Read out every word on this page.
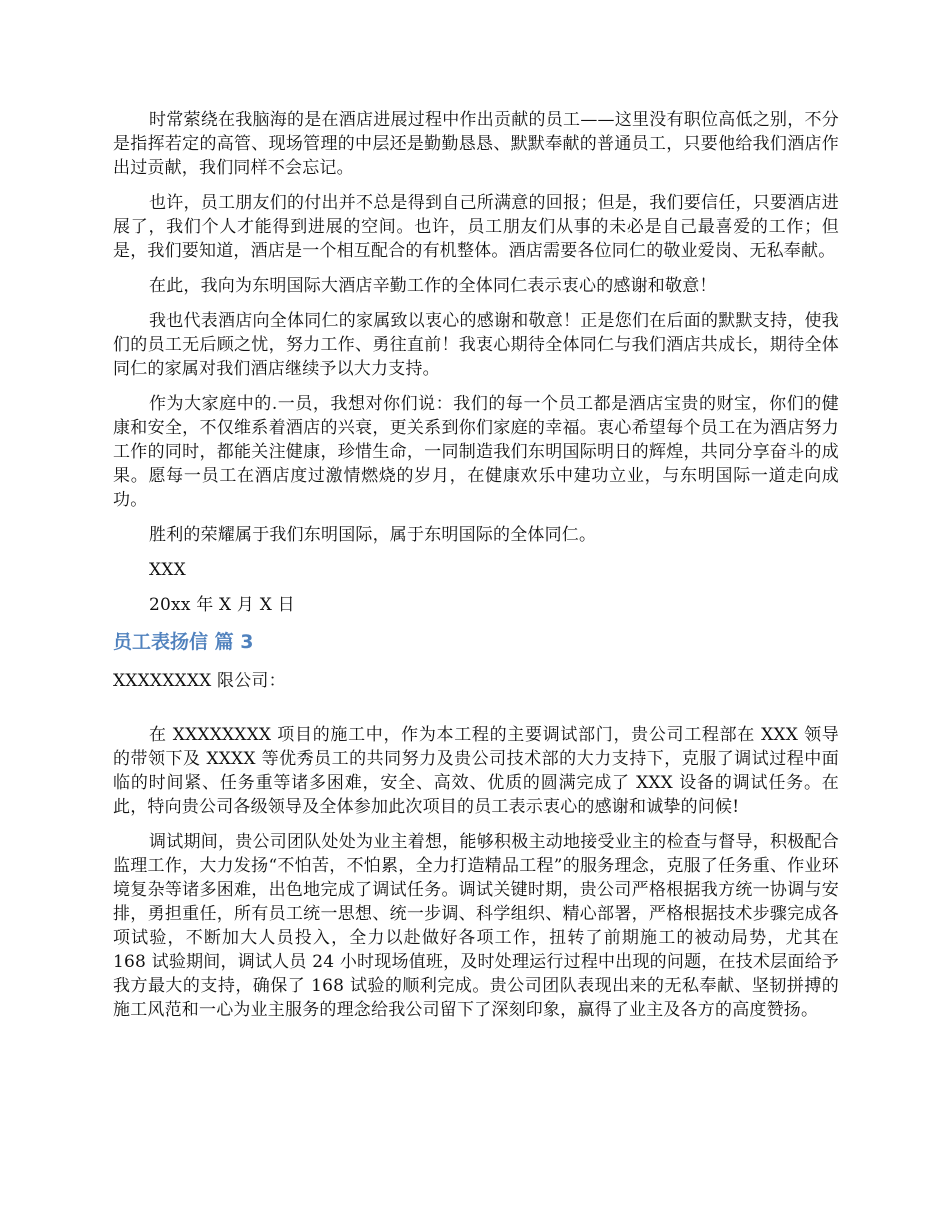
时常萦绕在我脑海的是在酒店进展过程中作出贡献的员工——这里没有职位高低之别，不分是指挥若定的高管、现场管理的中层还是勤勤恳恳、默默奉献的普通员工，只要他给我们酒店作出过贡献，我们同样不会忘记。

也许，员工朋友们的付出并不总是得到自己所满意的回报；但是，我们要信任，只要酒店进展了，我们个人才能得到进展的空间。也许，员工朋友们从事的未必是自己最喜爱的工作；但是，我们要知道，酒店是一个相互配合的有机整体。酒店需要各位同仁的敬业爱岗、无私奉献。

在此，我向为东明国际大酒店辛勤工作的全体同仁表示衷心的感谢和敬意！

我也代表酒店向全体同仁的家属致以衷心的感谢和敬意！正是您们在后面的默默支持，使我们的员工无后顾之忧，努力工作、勇往直前！我衷心期待全体同仁与我们酒店共成长，期待全体同仁的家属对我们酒店继续予以大力支持。

作为大家庭中的.一员，我想对你们说：我们的每一个员工都是酒店宝贵的财宝，你们的健康和安全，不仅维系着酒店的兴衰，更关系到你们家庭的幸福。衷心希望每个员工在为酒店努力工作的同时，都能关注健康，珍惜生命，一同制造我们东明国际明日的辉煌，共同分享奋斗的成果。愿每一员工在酒店度过激情燃烧的岁月，在健康欢乐中建功立业，与东明国际一道走向成功。

胜利的荣耀属于我们东明国际，属于东明国际的全体同仁。

XXX

20xx 年 X 月 X 日

员工表扬信 篇 3

XXXXXXXX 限公司：

在 XXXXXXXX 项目的施工中，作为本工程的主要调试部门，贵公司工程部在 XXX 领导的带领下及 XXXX 等优秀员工的共同努力及贵公司技术部的大力支持下，克服了调试过程中面临的时间紧、任务重等诸多困难，安全、高效、优质的圆满完成了 XXX 设备的调试任务。在此，特向贵公司各级领导及全体参加此次项目的员工表示衷心的感谢和诚挚的问候!

调试期间，贵公司团队处处为业主着想，能够积极主动地接受业主的检查与督导，积极配合监理工作，大力发扬“不怕苦，不怕累，全力打造精品工程”的服务理念，克服了任务重、作业环境复杂等诸多困难，出色地完成了调试任务。调试关键时期，贵公司严格根据我方统一协调与安排，勇担重任，所有员工统一思想、统一步调、科学组织、精心部署，严格根据技术步骤完成各项试验，不断加大人员投入，全力以赴做好各项工作，扭转了前期施工的被动局势，尤其在 168 试验期间，调试人员 24 小时现场值班，及时处理运行过程中出现的问题，在技术层面给予我方最大的支持，确保了 168 试验的顺利完成。贵公司团队表现出来的无私奉献、坚韧拼搏的施工风范和一心为业主服务的理念给我公司留下了深刻印象，赢得了业主及各方的高度赞扬。
